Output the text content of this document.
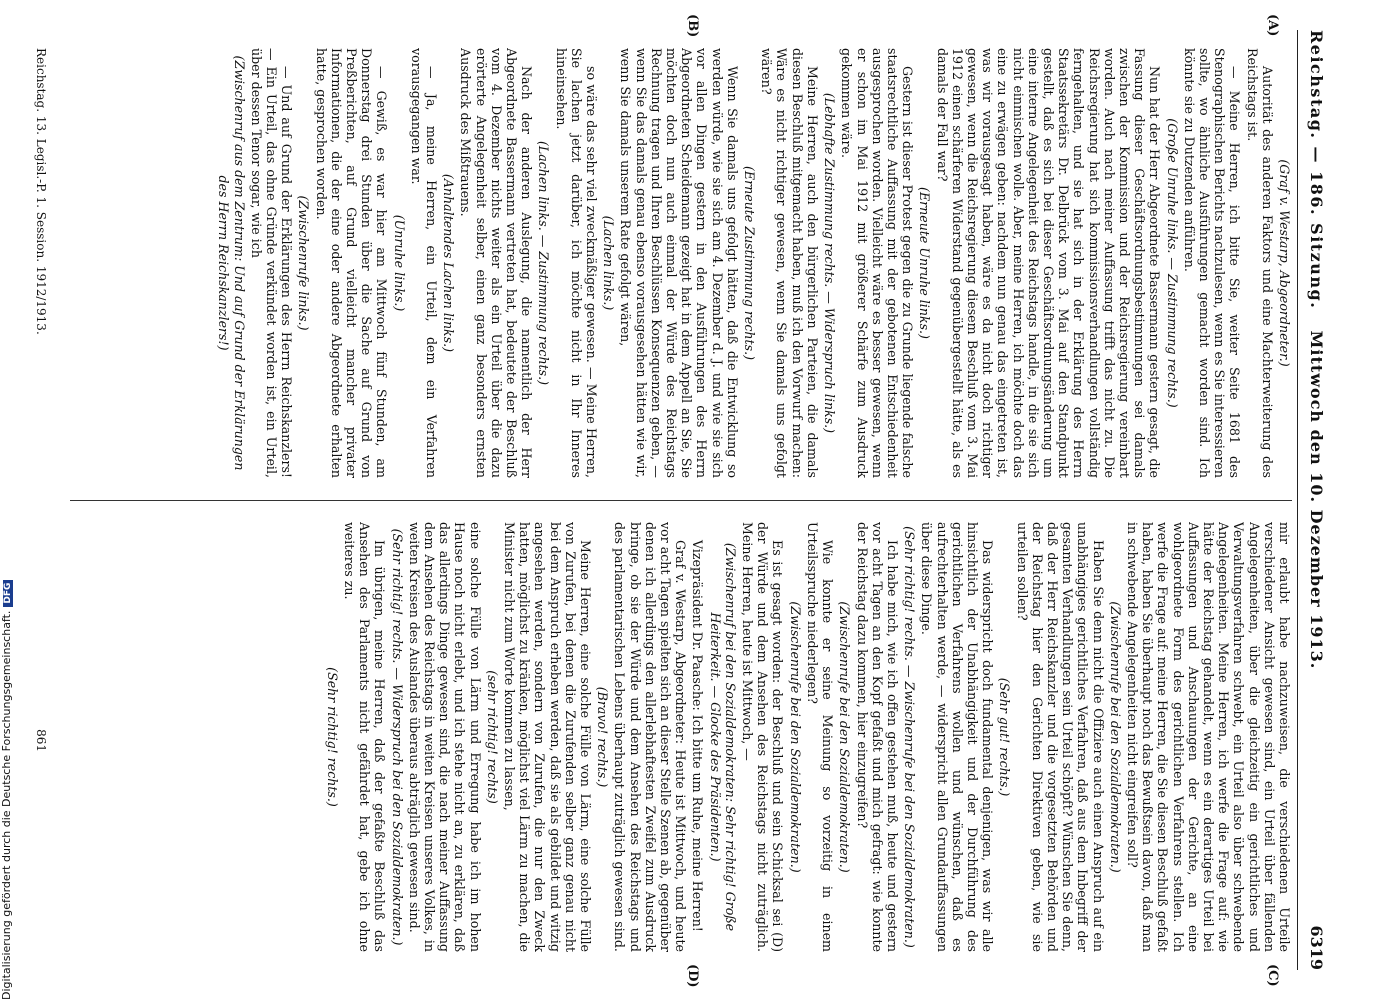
Reichstag. — 186. Sitzung.
Mittwoch den 10. Dezember 1913.
6319
(A)
(B)
(C)
(D)

(Graf v. Westarp, Abgeordneter.)

Autorität des anderen Faktors und eine Machterweiterung des Reichstags ist.

— Meine Herren, ich bitte Sie, weiter Seite 1681 des Stenographischen Berichts nachzulesen, wenn es Sie interessieren sollte, wo ähnliche Ausführungen gemacht worden sind. Ich könnte sie zu Dutzenden anführen.

(Große Unruhe links. — Zustimmung rechts.)

Nun hat der Herr Abgeordnete Bassermann gestern gesagt, die Fassung dieser Geschäftsordnungsbestimmungen sei damals zwischen der Kommission und der Reichsregierung vereinbart worden. Auch nach meiner Auffassung trifft das nicht zu. Die Reichsregierung hat sich kommissionsverhandlungen vollständig ferngehalten, und sie hat sich in der Erklärung des Herrn Staatssekretärs Dr. Delbrück vom 3. Mai auf den Standpunkt gestellt, daß es sich bei dieser Geschäftsordnungsänderung um eine interne Angelegenheit des Reichstags handle, in die sie sich nicht einmischen wolle. Aber, meine Herren, ich möchte doch das eine zu erwägen geben: nachdem nun genau das eingetreten ist, was wir vorausgesagt haben, wäre es da nicht doch richtiger gewesen, wenn die Reichsregierung diesem Beschluß vom 3. Mai 1912 einen schärferen Widerstand gegenübergestellt hätte, als es damals der Fall war?

(Erneute Unruhe links.)

Gestern ist dieser Protest gegen die zu Grunde liegende falsche staatsrechtliche Auffassung mit der gebotenen Entschiedenheit ausgesprochen worden. Vielleicht wäre es besser gewesen, wenn er schon im Mai 1912 mit größerer Schärfe zum Ausdruck gekommen wäre.

(Lebhafte Zustimmung rechts. — Widerspruch links.)

Meine Herren, auch den bürgerlichen Parteien, die damals diesen Beschluß mitgemacht haben, muß ich den Vorwurf machen: Wäre es nicht richtiger gewesen, wenn Sie damals uns gefolgt wären?

(Erneute Zustimmung rechts.)

Wenn Sie damals uns gefolgt hätten, daß die Entwicklung so werden würde, wie sie sich am 4. Dezember d. J. und wie sie sich vor allen Dingen gestern in den Ausführungen des Herrn Abgeordneten Scheidemann gezeigt hat in dem Appell an Sie, Sie möchten doch nun auch einmal der Würde des Reichstags Rechnung tragen und Ihren Beschlüssen Konsequenzen geben, — wenn Sie das damals genau ebenso vorausgesehen hätten wie wir, wenn Sie damals unserem Rate gefolgt wären,

(Lachen links.)

so wäre das sehr viel zweckmäßiger gewesen. — Meine Herren, Sie lachen jetzt darüber, ich möchte nicht in Ihr Inneres hineinsehen.

(Lachen links. — Zustimmung rechts.)

Nach der anderen Auslegung, die namentlich der Herr Abgeordnete Bassermann vertreten hat, bedeutete der Beschluß vom 4. Dezember nichts weiter als ein Urteil über die dazu erörterte Angelegenheit selber, einen ganz besonders ernsten Ausdruck des Mißtrauens.

(Anhaltendes Lachen links.)

— Ja, meine Herren, ein Urteil, dem ein Verfahren vorausgegangen war.

(Unruhe links.)

— Gewiß, es war hier am Mittwoch fünf Stunden, am Donnerstag drei Stunden über die Sache auf Grund von Preßberichten, auf Grund vielleicht mancher privater Informationen, die der eine oder andere Abgeordnete erhalten hatte, gesprochen worden.

(Zwischenrufe links.)

— Und auf Grund der Erklärungen des Herrn Reichskanzlers! — Ein Urteil, das ohne Gründe verkündet worden ist, ein Urteil, über dessen Tenor sogar, wie ich

(Zwischenruf aus dem Zentrum: Und auf Grund der Erklärungen des Herrn Reichskanzlers!)

mir erlaubt habe nachzuweisen, die verschiedenen Urteile verschiedener Ansicht gewesen sind, ein Urteil über fällenden Angelegenheiten, über die gleichzeitig ein gerichtliches und Verwaltungsverfahren schwebt, ein Urteil also über schwebende Angelegenheiten. Meine Herren, ich werfe die Frage auf: wie hätte der Reichstag gehandelt, wenn es ein derartiges Urteil bei Auffassungen und Anschauungen der Gerichte, an eine wohlgeordnete Form des gerichtlichen Verfahrens stellen. Ich werfe die Frage auf: meine Herren, die Sie diesen Beschluß gefaßt haben, haben Sie überhaupt noch das Bewußtsein davon, daß man in schwebende Angelegenheiten nicht eingreifen soll?

(Zwischenrufe bei den Sozialdemokraten.)

Haben Sie denn nicht die Offiziere auch einen Anspruch auf ein unabhängiges gerichtliches Verfahren, daß aus dem Inbegriff der gesamten Verhandlungen sein Urteil schöpft? Wünschen Sie denn, daß der Herr Reichskanzler und die vorgesetzten Behörden und der Reichstag hier den Gerichten Direktiven geben, wie sie urteilen sollen?

(Sehr gut! rechts.)

Das widerspricht doch fundamental denjenigen, was wir alle hinsichtlich der Unabhängigkeit und der Durchführung des gerichtlichen Verfahrens wollen und wünschen, daß es aufrechterhalten werde, — widerspricht allen Grundauffassungen über diese Dinge.

(Sehr richtig! rechts. — Zwischenrufe bei den Sozialdemokraten.)

Ich habe mich, wie ich offen gestehen muß, heute und gestern vor acht Tagen an den Kopf gefaßt und mich gefragt: wie konnte der Reichstag dazu kommen, hier einzugreifen?

(Zwischenrufe bei den Sozialdemokraten.)

Wie konnte er seine Meinung so vorzeitig in einem Urteilsspruche niederlegen?

(Zwischenrufe bei den Sozialdemokraten.)

Es ist gesagt worden: der Beschluß und sein Schicksal sei (D) der Würde und dem Ansehen des Reichstags nicht zuträglich. Meine Herren, heute ist Mittwoch, —

(Zwischenruf bei den Sozialdemokraten: Sehr richtig! Große Heiterkeit. — Glocke des Präsidenten.)

Vizepräsident Dr. Paasche: Ich bitte um Ruhe, meine Herren!

Graf v. Westarp, Abgeordneter: Heute ist Mittwoch, und heute vor acht Tagen spielten sich an dieser Stelle Szenen ab, gegenüber denen ich allerdings den allerlebhaftesten Zweifel zum Ausdruck bringe, ob sie der Würde und dem Ansehen des Reichstags und des parlamentarischen Lebens überhaupt zuträglich gewesen sind.

(Bravo! rechts.)

Meine Herren, eine solche Fülle von Lärm, eine solche Fülle von Zurufen, bei denen die Zurufenden selber ganz genau nicht bei dem Anspruch erheben werden, daß sie als gebildet und witzig angesehen werden, sondern von Zurufen, die nur den Zweck hatten, möglichst zu kränken, möglichst viel Lärm zu machen, die Minister nicht zum Worte kommen zu lassen,

(sehr richtig! rechts)

eine solche Fülle von Lärm und Erregung habe ich im hohen Hause noch nicht erlebt, und ich stehe nicht an, zu erklären, daß das allerdings Dinge gewesen sind, die nach meiner Auffassung dem Ansehen des Reichstags in weiten Kreisen unseres Volkes, in weiten Kreisen des Auslandes überaus abträglich gewesen sind.

(Sehr richtig! rechts. — Widerspruch bei den Sozialdemokraten.)

Im übrigen, meine Herren, daß der gefaßte Beschluß das Ansehen des Parlaments nicht gefährdet hat, gebe ich ohne weiteres zu.

(Sehr richtig! rechts.)

Reichstag. 13. Legisl.-P. 1. Session. 1912/1913.
861
Digitalisierung gefördert durch die Deutsche Forschungsgemeinschaft.DFG
